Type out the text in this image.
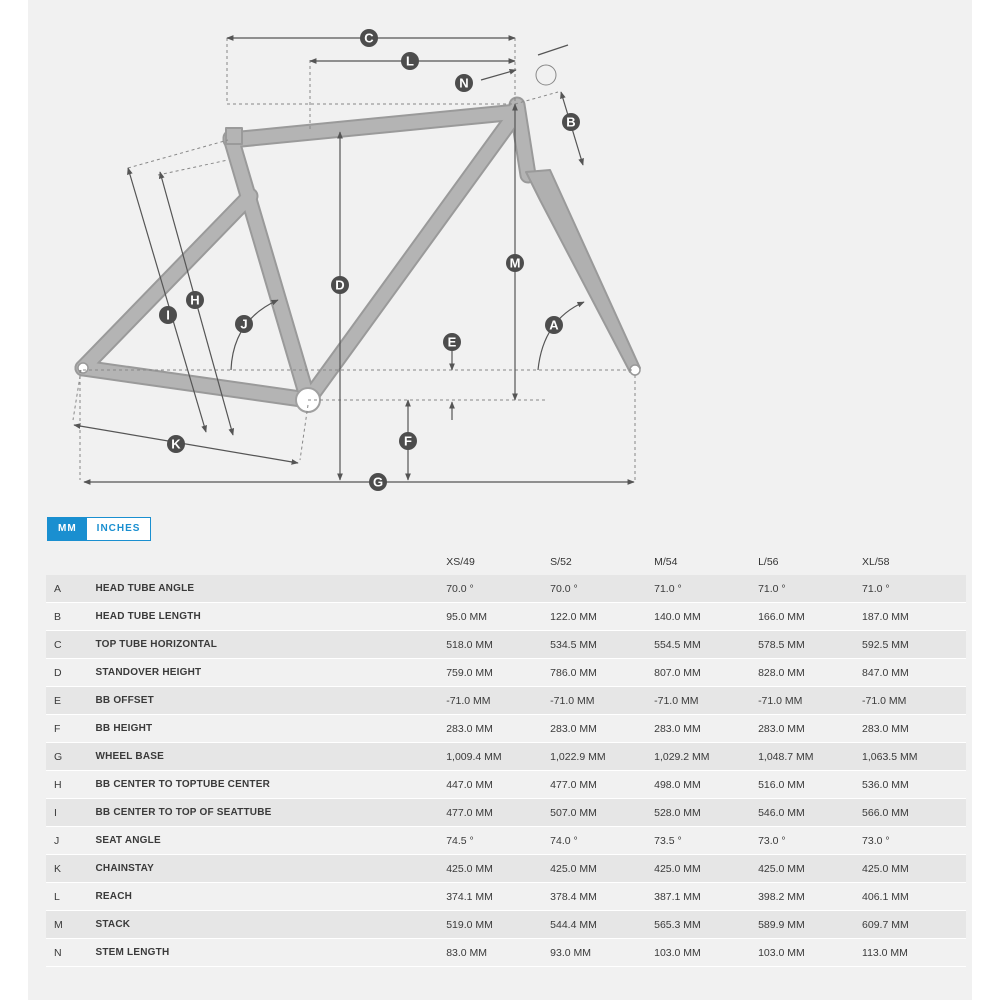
C
L
N
B
D
M
E
A
J
H
I
F
K
G
MM	INCHES
		XS/49	S/52	M/54	L/56	XL/58
A	HEAD TUBE ANGLE	70.0 °	70.0 °	71.0 °	71.0 °	71.0 °
B	HEAD TUBE LENGTH	95.0 MM	122.0 MM	140.0 MM	166.0 MM	187.0 MM
C	TOP TUBE HORIZONTAL	518.0 MM	534.5 MM	554.5 MM	578.5 MM	592.5 MM
D	STANDOVER HEIGHT	759.0 MM	786.0 MM	807.0 MM	828.0 MM	847.0 MM
E	BB OFFSET	-71.0 MM	-71.0 MM	-71.0 MM	-71.0 MM	-71.0 MM
F	BB HEIGHT	283.0 MM	283.0 MM	283.0 MM	283.0 MM	283.0 MM
G	WHEEL BASE	1,009.4 MM	1,022.9 MM	1,029.2 MM	1,048.7 MM	1,063.5 MM
H	BB CENTER TO TOPTUBE CENTER	447.0 MM	477.0 MM	498.0 MM	516.0 MM	536.0 MM
I	BB CENTER TO TOP OF SEATTUBE	477.0 MM	507.0 MM	528.0 MM	546.0 MM	566.0 MM
J	SEAT ANGLE	74.5 °	74.0 °	73.5 °	73.0 °	73.0 °
K	CHAINSTAY	425.0 MM	425.0 MM	425.0 MM	425.0 MM	425.0 MM
L	REACH	374.1 MM	378.4 MM	387.1 MM	398.2 MM	406.1 MM
M	STACK	519.0 MM	544.4 MM	565.3 MM	589.9 MM	609.7 MM
N	STEM LENGTH	83.0 MM	93.0 MM	103.0 MM	103.0 MM	113.0 MM
